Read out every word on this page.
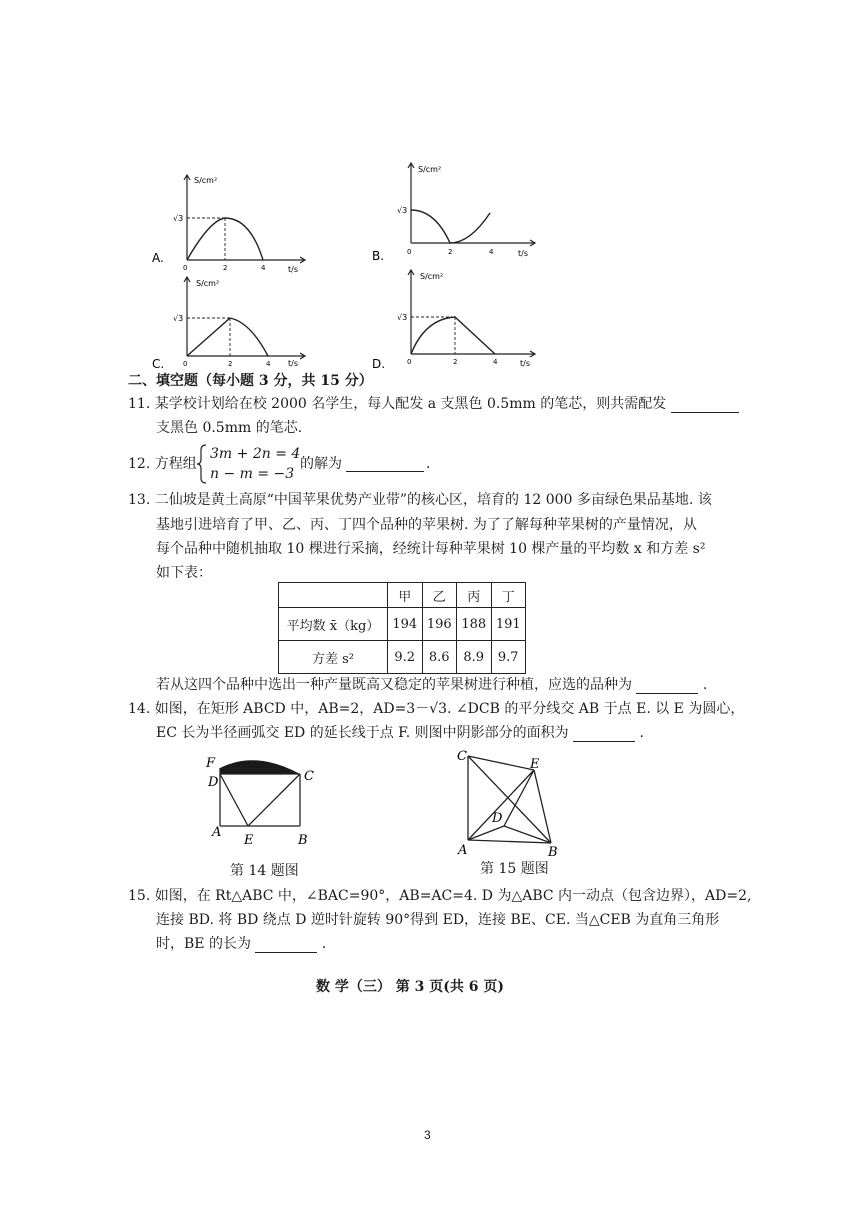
S/cm²
√3
0	2	4	t/s
A.
S/cm²
√3
0	2	4	t/s
B.
S/cm²
√3
0	2	4 t/s
C.
S/cm²
√3
0	2	4	t/s
D.
二、填空题（每小题 3 分，共 15 分）
11. 某学校计划给在校 2000 名学生，每人配发 a 支黑色 0.5mm 的笔芯，则共需配发
支黑色 0.5mm 的笔芯.
12. 方程组
3m + 2n = 4
n − m = −3
的解为	.
13. 二仙坡是黄土高原“中国苹果优势产业带”的核心区，培育的 12 000 多亩绿色果品基地. 该
基地引进培育了甲、乙、丙、丁四个品种的苹果树. 为了了解每种苹果树的产量情况，从
每个品种中随机抽取 10 棵进行采摘，经统计每种苹果树 10 棵产量的平均数 x 和方差 s²
如下表：
	甲	乙	丙	丁
平均数 x̄（kg）	194	196	188	191
方差 s²	9.2	8.6	8.9	9.7
若从这四个品种中选出一种产量既高又稳定的苹果树进行种植，应选的品种为	.
14. 如图，在矩形 ABCD 中，AB=2，AD=3－√3. ∠DCB 的平分线交 AB 于点 E. 以 E 为圆心，
EC 长为半径画弧交 ED 的延长线于点 F. 则图中阴影部分的面积为	.
F
D	C
A
E	B
第 14 题图
C
E
D
A	B
第 15 题图
15. 如图，在 Rt△ABC 中，∠BAC=90°，AB=AC=4. D 为△ABC 内一动点（包含边界），AD=2,
连接 BD. 将 BD 绕点 D 逆时针旋转 90°得到 ED，连接 BE、CE. 当△CEB 为直角三角形
时，BE 的长为	.
数 学（三） 第 3 页(共 6 页)
3
